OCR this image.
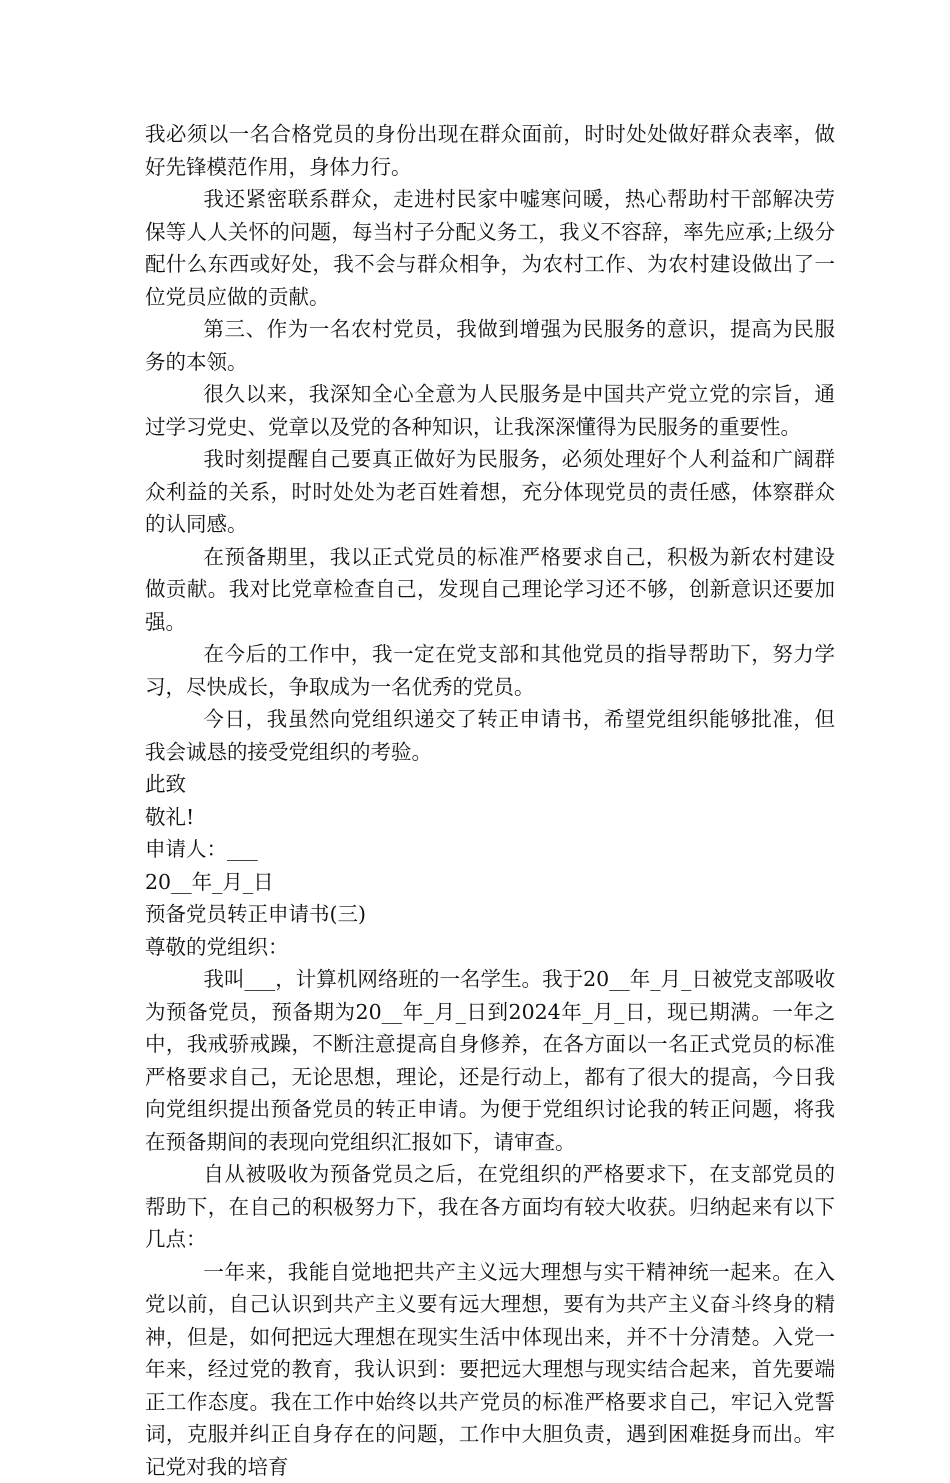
我必须以一名合格党员的身份出现在群众面前，时时处处做好群众表率，做好先锋模范作用，身体力行。

我还紧密联系群众，走进村民家中嘘寒问暖，热心帮助村干部解决劳保等人人关怀的问题，每当村子分配义务工，我义不容辞，率先应承;上级分配什么东西或好处，我不会与群众相争，为农村工作、为农村建设做出了一位党员应做的贡献。

第三、作为一名农村党员，我做到增强为民服务的意识，提高为民服务的本领。

很久以来，我深知全心全意为人民服务是中国共产党立党的宗旨，通过学习党史、党章以及党的各种知识，让我深深懂得为民服务的重要性。

我时刻提醒自己要真正做好为民服务，必须处理好个人利益和广阔群众利益的关系，时时处处为老百姓着想，充分体现党员的责任感，体察群众的认同感。

在预备期里，我以正式党员的标准严格要求自己，积极为新农村建设做贡献。我对比党章检查自己，发现自己理论学习还不够，创新意识还要加强。

在今后的工作中，我一定在党支部和其他党员的指导帮助下，努力学习，尽快成长，争取成为一名优秀的党员。

今日，我虽然向党组织递交了转正申请书，希望党组织能够批准，但我会诚恳的接受党组织的考验。

此致

敬礼!

申请人：___

20__年_月_日

预备党员转正申请书(三)

尊敬的党组织：

我叫___，计算机网络班的一名学生。我于20__年_月_日被党支部吸收为预备党员，预备期为20__年_月_日到2024年_月_日，现已期满。一年之中，我戒骄戒躁，不断注意提高自身修养，在各方面以一名正式党员的标准严格要求自己，无论思想，理论，还是行动上，都有了很大的提高，今日我向党组织提出预备党员的转正申请。为便于党组织讨论我的转正问题，将我在预备期间的表现向党组织汇报如下，请审查。

自从被吸收为预备党员之后，在党组织的严格要求下，在支部党员的帮助下，在自己的积极努力下，我在各方面均有较大收获。归纳起来有以下几点：

一年来，我能自觉地把共产主义远大理想与实干精神统一起来。在入党以前，自己认识到共产主义要有远大理想，要有为共产主义奋斗终身的精神，但是，如何把远大理想在现实生活中体现出来，并不十分清楚。入党一年来，经过党的教育，我认识到：要把远大理想与现实结合起来，首先要端正工作态度。我在工作中始终以共产党员的标准严格要求自己，牢记入党誓词，克服并纠正自身存在的问题，工作中大胆负责，遇到困难挺身而出。牢记党对我的培育
